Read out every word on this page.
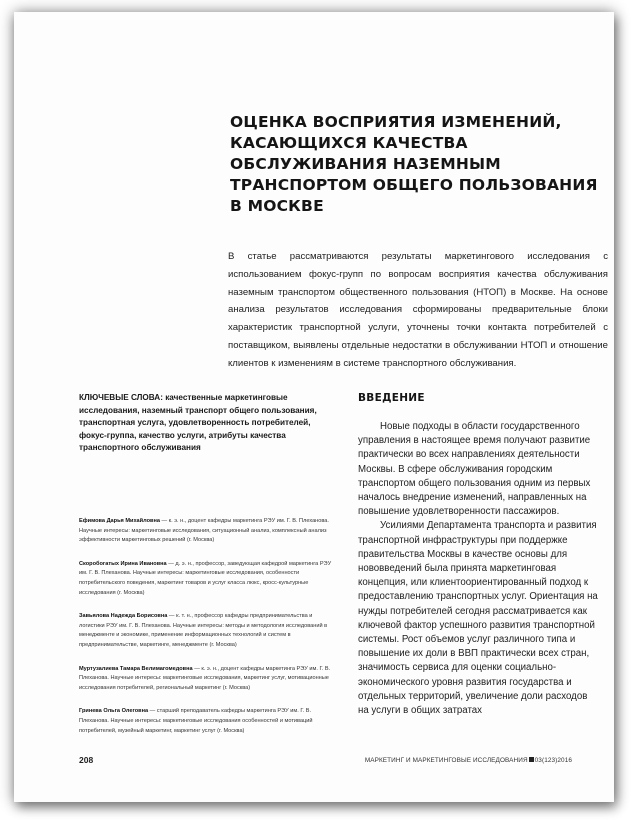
ОЦЕНКА ВОСПРИЯТИЯ ИЗМЕНЕНИЙ, КАСАЮЩИХСЯ КАЧЕСТВА ОБСЛУЖИВАНИЯ НАЗЕМНЫМ ТРАНСПОРТОМ ОБЩЕГО ПОЛЬЗОВАНИЯ В МОСКВЕ
В статье рассматриваются результаты маркетингового исследования с использованием фокус-групп по вопросам восприятия качества обслуживания наземным транспортом общественного пользования (НТОП) в Москве. На основе анализа результатов исследования сформированы предварительные блоки характеристик транспортной услуги, уточнены точки контакта потребителей с поставщиком, выявлены отдельные недостатки в обслуживании НТОП и отношение клиентов к изменениям в системе транспортного обслуживания.
КЛЮЧЕВЫЕ СЛОВА: качественные маркетинговые исследования, наземный транспорт общего пользования, транспортная услуга, удовлетворенность потребителей, фокус-группа, качество услуги, атрибуты качества транспортного обслуживания
Ефимова Дарья Михайловна — к. э. н., доцент кафедры маркетинга РЭУ им. Г. В. Плеханова. Научные интересы: маркетинговые исследования, ситуационный анализ, комплексный анализ эффективности маркетинговых решений (г. Москва)
Скоробогатых Ирина Ивановна — д. э. н., профессор, заведующая кафедрой маркетинга РЭУ им. Г. В. Плеханова. Научные интересы: маркетинговые исследования, особенности потребительского поведения, маркетинг товаров и услуг класса люкс, кросс-культурные исследования (г. Москва)
Завьялова Надежда Борисовна — к. т. н., профессор кафедры предпринимательства и логистики РЭУ им. Г. В. Плеханова. Научные интересы: методы и методология исследований в менеджменте и экономике, применение информационных технологий и систем в предпринимательстве, маркетинге, менеджменте (г. Москва)
Муртузалиева Тамара Велимагомедовна — к. э. н., доцент кафедры маркетинга РЭУ им. Г. В. Плеханова. Научные интересы: маркетинговые исследования, маркетинг услуг, мотивационные исследования потребителей, региональный маркетинг (г. Москва)
Гринева Ольга Олеговна — старший преподаватель кафедры маркетинга РЭУ им. Г. В. Плеханова. Научные интересы: маркетинговые исследования особенностей и мотиваций потребителей, музейный маркетинг, маркетинг услуг (г. Москва)
ВВЕДЕНИЕ

Новые подходы в области государственного управления в настоящее время получают развитие практически во всех направлениях деятельности Москвы. В сфере обслуживания городским транспортом общего пользования одним из первых началось внедрение изменений, направленных на повышение удовлетворенности пассажиров.

Усилиями Департамента транспорта и развития транспортной инфраструктуры при поддержке правительства Москвы в качестве основы для нововведений была принята маркетинговая концепция, или клиентоориентированный подход к предоставлению транспортных услуг. Ориентация на нужды потребителей сегодня рассматривается как ключевой фактор успешного развития транспортной системы. Рост объемов услуг различного типа и повышение их доли в ВВП практически всех стран, значимость сервиса для оценки социально-экономического уровня развития государства и отдельных территорий, увеличение доли расходов на услуги в общих затратах

208	МАРКЕТИНГ И МАРКЕТИНГОВЫЕ ИССЛЕДОВАНИЯ 03(123)2016
